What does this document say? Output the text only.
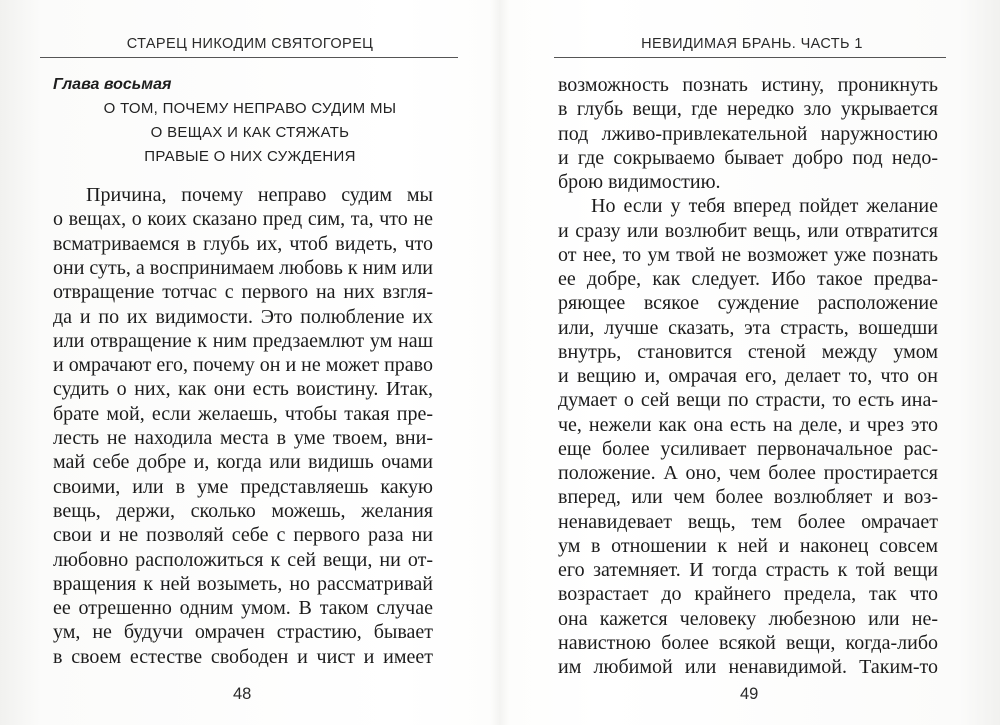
СТАРЕЦ НИКОДИМ СВЯТОГОРЕЦ
Глава восьмая
О ТОМ, ПОЧЕМУ НЕПРАВО СУДИМ МЫ
О ВЕЩАХ И КАК СТЯЖАТЬ
ПРАВЫЕ О НИХ СУЖДЕНИЯ
48
Причина, почему неправо судим мы
о вещах, о коих сказано пред сим, та, что не
всматриваемся в глубь их, чтоб видеть, что
они суть, а воспринимаем любовь к ним или
отвращение тотчас с первого на них взгля-
да и по их видимости. Это полюбление их
или отвращение к ним предзаемлют ум наш
и омрачают его, почему он и не может право
судить о них, как они есть воистину. Итак,
брате мой, если желаешь, чтобы такая пре-
лесть не находила места в уме твоем, вни-
май себе добре и, когда или видишь очами
своими, или в уме представляешь какую
вещь, держи, сколько можешь, желания
свои и не позволяй себе с первого раза ни
любовно расположиться к сей вещи, ни от-
вращения к ней возыметь, но рассматривай
ее отрешенно одним умом. В таком случае
ум, не будучи омрачен страстию, бывает
в своем естестве свободен и чист и имеет
НЕВИДИМАЯ БРАНЬ. ЧАСТЬ 1
49
возможность познать истину, проникнуть
в глубь вещи, где нередко зло укрывается
под лживо-привлекательной наружностию
и где сокрываемо бывает добро под недо-
брою видимостию.
Но если у тебя вперед пойдет желание
и сразу или возлюбит вещь, или отвратится
от нее, то ум твой не возможет уже познать
ее добре, как следует. Ибо такое предва-
ряющее всякое суждение расположение
или, лучше сказать, эта страсть, вошедши
внутрь, становится стеной между умом
и вещию и, омрачая его, делает то, что он
думает о сей вещи по страсти, то есть ина-
че, нежели как она есть на деле, и чрез это
еще более усиливает первоначальное рас-
положение. А оно, чем более простирается
вперед, или чем более возлюбляет и воз-
ненавидевает вещь, тем более омрачает
ум в отношении к ней и наконец совсем
его затемняет. И тогда страсть к той вещи
возрастает до крайнего предела, так что
она кажется человеку любезною или не-
навистною более всякой вещи, когда-либо
им любимой или ненавидимой. Таким-то
